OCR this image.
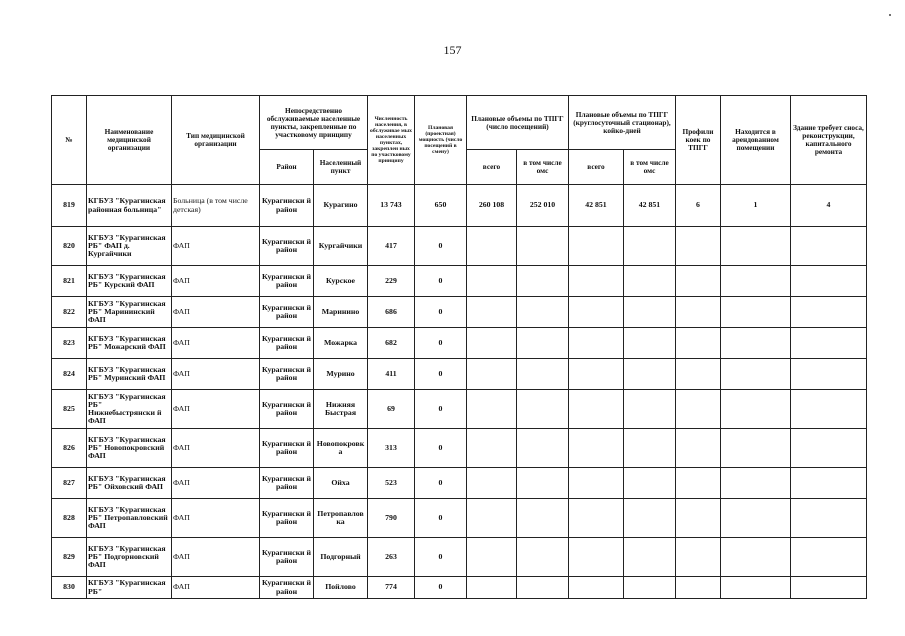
157
№	Наименование медицинской организации	Тип медицинской организации	Непосредственно обслуживаемые населенные пункты, закрепленные по участковому принципу		Численность населения, в обслуживае мых населенных пунктах, закреплен ных по участковому принципу	Плановая (проектная) мощность (число посещений в смену)	Плановые объемы по ТПГГ (число посещений)		Плановые объемы по ТПГГ (круглосуточный стационар), койко-дней		Профили коек по ТПГГ	Находится в арендованном помещении	Здание требует сноса, реконструкции, капитального ремонта
			Район	Населенный пункт			всего	в том числе омс	всего	в том числе омс			
819	КГБУЗ "Курагинская районная больница"	Больница (в том числе детская)	Курагински й район	Курагино	13 743	650	260 108	252 010	42 851	42 851	6	1	4
820	КГБУЗ "Курагинская РБ" ФАП д. Кургайчики	ФАП	Курагински й район	Кургайчики	417	0							
821	КГБУЗ "Курагинская РБ" Курский ФАП	ФАП	Курагински й район	Курское	229	0							
822	КГБУЗ "Курагинская РБ" Марининский ФАП	ФАП	Курагински й район	Маринино	686	0							
823	КГБУЗ "Курагинская РБ" Можарский ФАП	ФАП	Курагински й район	Можарка	682	0							
824	КГБУЗ "Курагинская РБ" Муринский ФАП	ФАП	Курагински й район	Мурино	411	0							
825	КГБУЗ "Курагинская РБ" Нижнебыстрянски й ФАП	ФАП	Курагински й район	Нижняя Быстрая	69	0							
826	КГБУЗ "Курагинская РБ" Новопокровский ФАП	ФАП	Курагински й район	Новопокровк а	313	0							
827	КГБУЗ "Курагинская РБ" Ойховский ФАП	ФАП	Курагински й район	Ойха	523	0							
828	КГБУЗ "Курагинская РБ" Петропавловский ФАП	ФАП	Курагински й район	Петропавлов ка	790	0							
829	КГБУЗ "Курагинская РБ" Подгорновский ФАП	ФАП	Курагински й район	Подгорный	263	0							
830	КГБУЗ "Курагинская РБ"	ФАП	Курагински й район	Пойлово	774	0							
